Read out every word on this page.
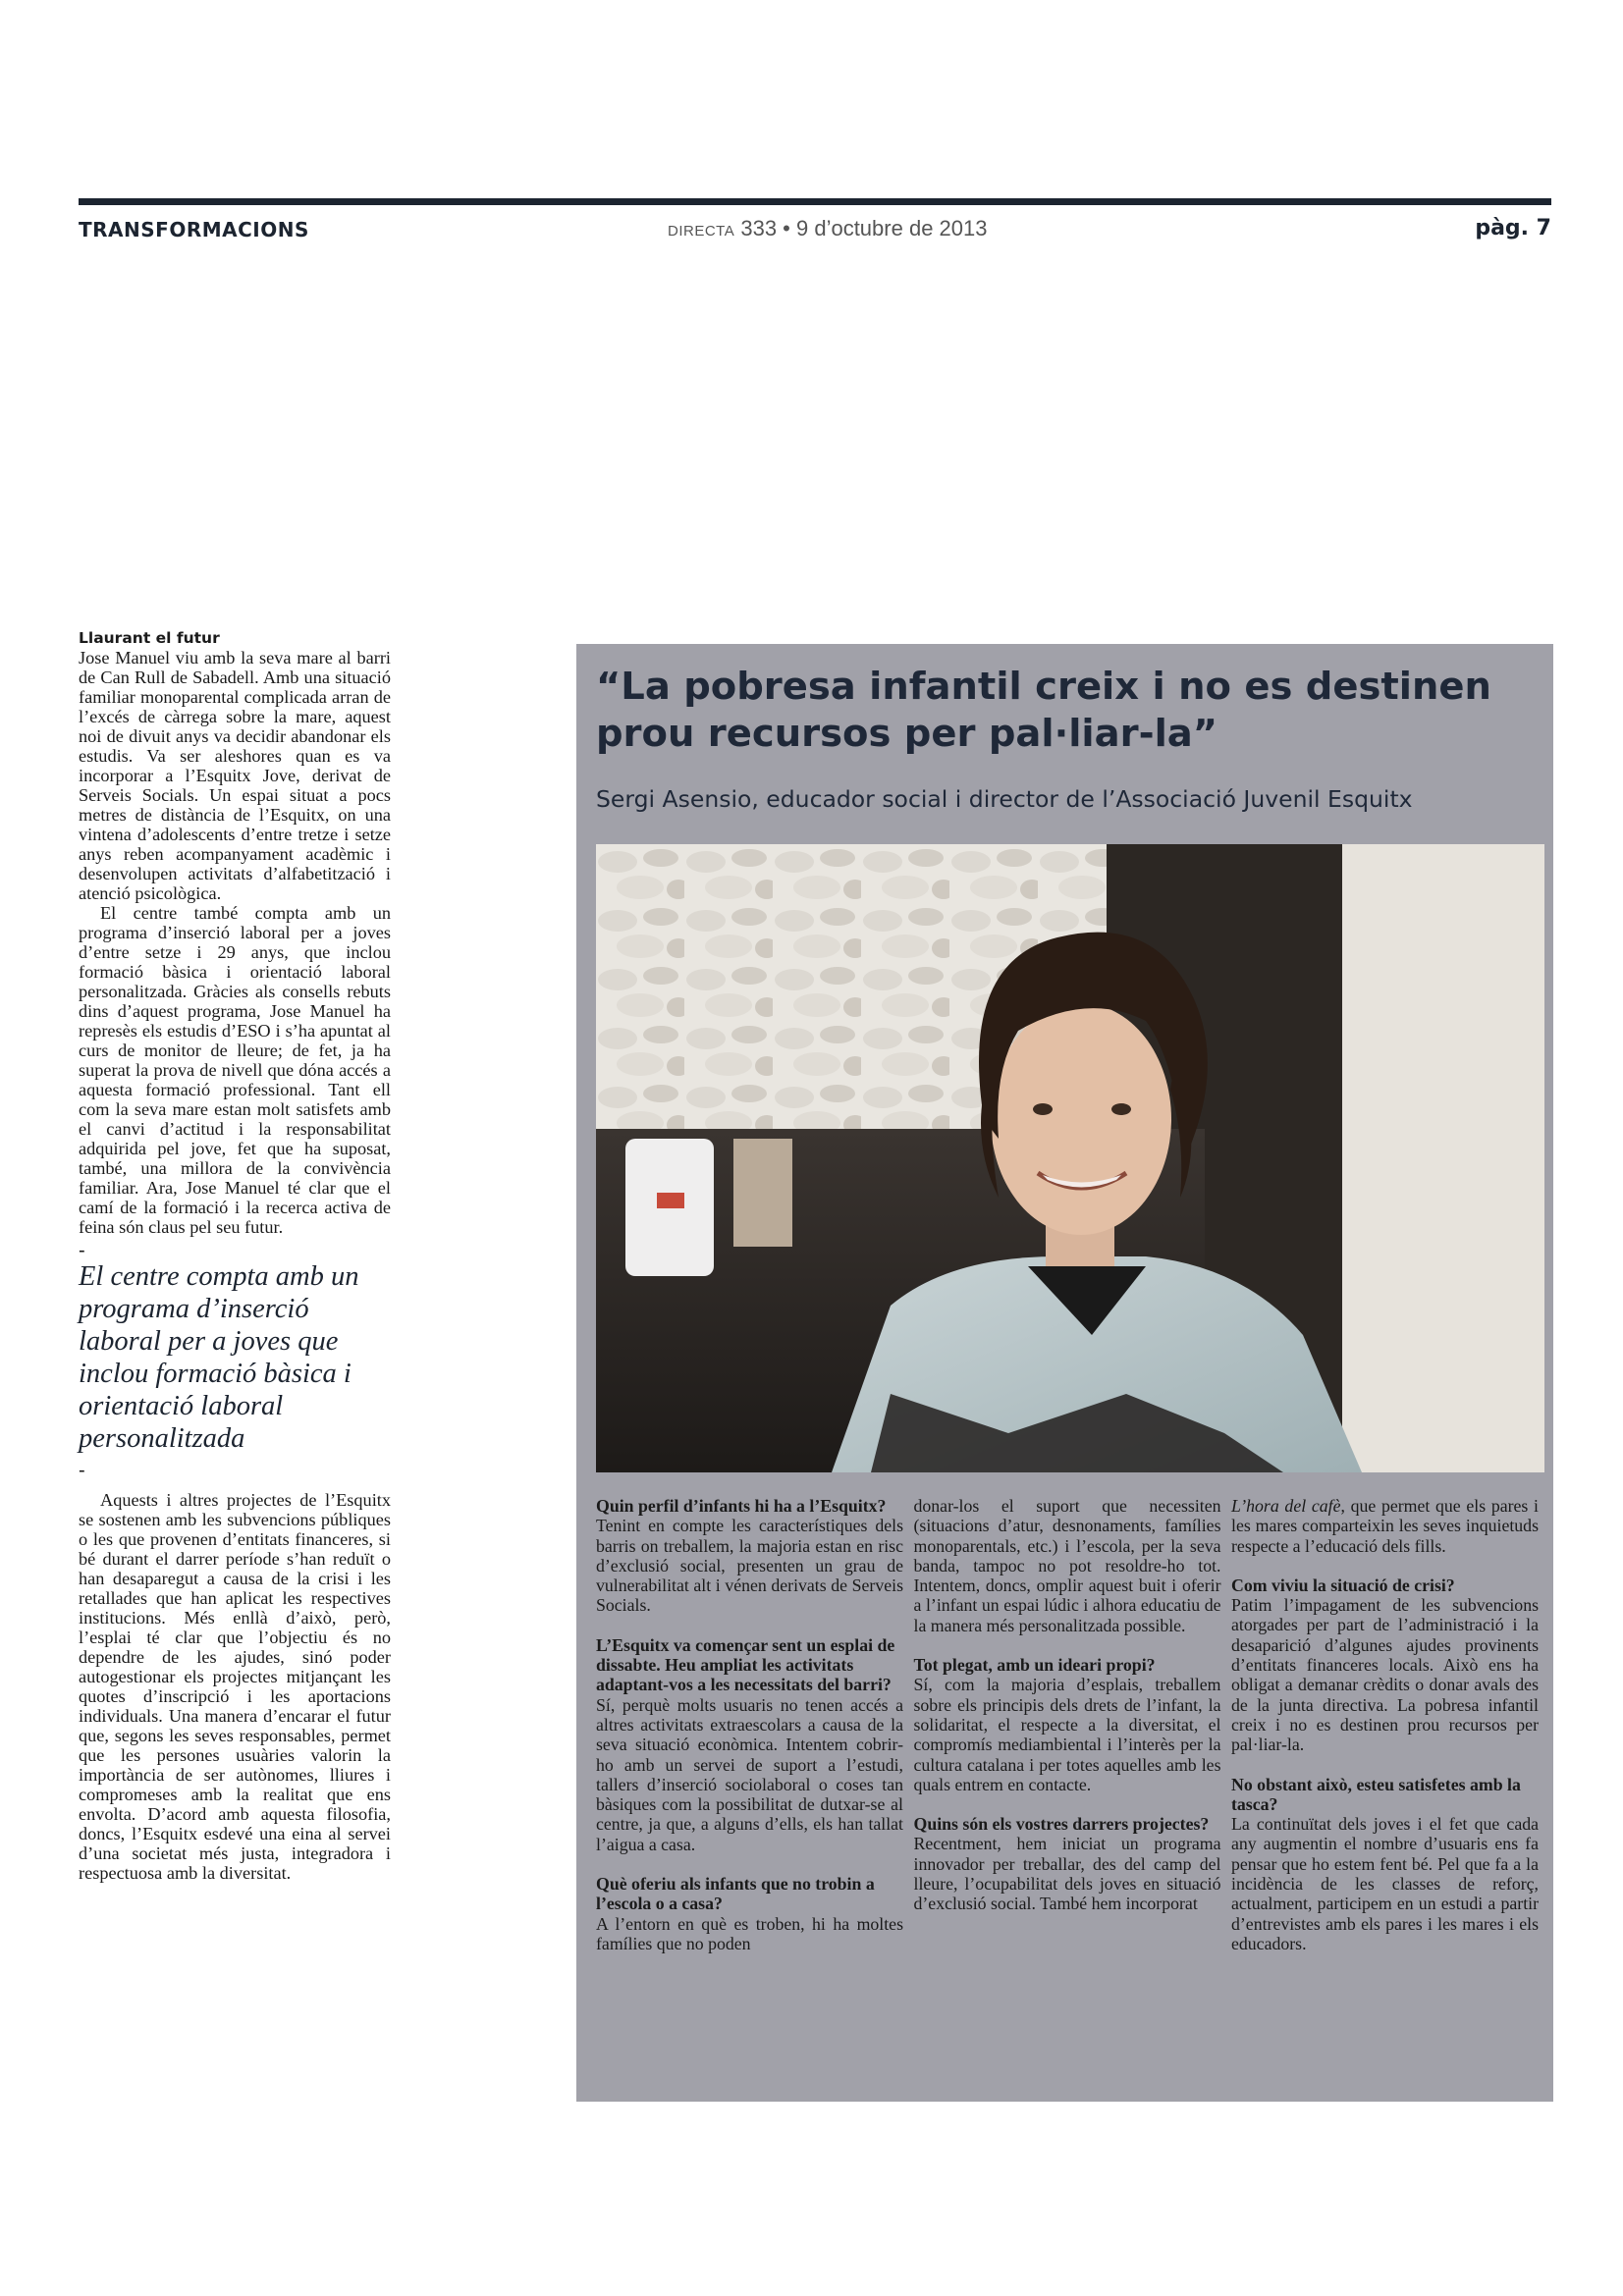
TRANSFORMACIONS	DIRECTA 333 • 9 d’octubre de 2013	pàg. 7

Llaurant el futur

Jose Manuel viu amb la seva mare al barri de Can Rull de Sabadell. Amb una situació familiar monoparental complicada arran de l’excés de càrrega sobre la mare, aquest noi de divuit anys va decidir abandonar els estudis. Va ser aleshores quan es va incorporar a l’Esquitx Jove, derivat de Serveis Socials. Un espai situat a pocs metres de distància de l’Esquitx, on una vintena d’adolescents d’entre tretze i setze anys reben acompanyament acadèmic i desenvolupen activitats d’alfabetització i atenció psicològica.

El centre també compta amb un programa d’inserció laboral per a joves d’entre setze i 29 anys, que inclou formació bàsica i orientació laboral personalitzada. Gràcies als consells rebuts dins d’aquest programa, Jose Manuel ha represès els estudis d’ESO i s’ha apuntat al curs de monitor de lleure; de fet, ja ha superat la prova de nivell que dóna accés a aquesta formació professional. Tant ell com la seva mare estan molt satisfets amb el canvi d’actitud i la responsabilitat adquirida pel jove, fet que ha suposat, també, una millora de la convivència familiar. Ara, Jose Manuel té clar que el camí de la formació i la recerca activa de feina són claus pel seu futur.

-

El centre compta amb un programa d’inserció laboral per a joves que inclou formació bàsica i orientació laboral personalitzada

-

Aquests i altres projectes de l’Esquitx se sostenen amb les subvencions públiques o les que provenen d’entitats financeres, si bé durant el darrer període s’han reduït o han desaparegut a causa de la crisi i les retallades que han aplicat les respectives institucions. Més enllà d’això, però, l’esplai té clar que l’objectiu és no dependre de les ajudes, sinó poder autogestionar els projectes mitjançant les quotes d’inscripció i les aportacions individuals. Una manera d’encarar el futur que, segons les seves responsables, permet que les persones usuàries valorin la importància de ser autònomes, lliures i compromeses amb la realitat que ens envolta. D’acord amb aquesta filosofia, doncs, l’Esquitx esdevé una eina al servei d’una societat més justa, integradora i respectuosa amb la diversitat.

“La pobresa infantil creix i no es destinen prou recursos per pal·liar-la”

Sergi Asensio, educador social i director de l’Associació Juvenil Esquitx

Quin perfil d’infants hi ha a l’Esquitx?

Tenint en compte les característiques dels barris on treballem, la majoria estan en risc d’exclusió social, presenten un grau de vulnerabilitat alt i vénen derivats de Serveis Socials.

L’Esquitx va començar sent un esplai de dissabte. Heu ampliat les activitats adaptant-vos a les necessitats del barri?

Sí, perquè molts usuaris no tenen accés a altres activitats extraescolars a causa de la seva situació econòmica. Intentem cobrir-ho amb un servei de suport a l’estudi, tallers d’inserció sociolaboral o coses tan bàsiques com la possibilitat de dutxar-se al centre, ja que, a alguns d’ells, els han tallat l’aigua a casa.

Què oferiu als infants que no trobin a l’escola o a casa?

A l’entorn en què es troben, hi ha moltes famílies que no poden

donar-los el suport que necessiten (situacions d’atur, desnonaments, famílies monoparentals, etc.) i l’escola, per la seva banda, tampoc no pot resoldre-ho tot. Intentem, doncs, omplir aquest buit i oferir a l’infant un espai lúdic i alhora educatiu de la manera més personalitzada possible.

Tot plegat, amb un ideari propi?

Sí, com la majoria d’esplais, treballem sobre els principis dels drets de l’infant, la solidaritat, el respecte a la diversitat, el compromís mediambiental i l’interès per la cultura catalana i per totes aquelles amb les quals entrem en contacte.

Quins són els vostres darrers projectes?

Recentment, hem iniciat un programa innovador per treballar, des del camp del lleure, l’ocupabilitat dels joves en situació d’exclusió social. També hem incorporat

L’hora del cafè, que permet que els pares i les mares comparteixin les seves inquietuds respecte a l’educació dels fills.

Com viviu la situació de crisi?

Patim l’impagament de les subvencions atorgades per part de l’administració i la desaparició d’algunes ajudes provinents d’entitats financeres locals. Això ens ha obligat a demanar crèdits o donar avals des de la junta directiva. La pobresa infantil creix i no es destinen prou recursos per pal·liar-la.

No obstant això, esteu satisfetes amb la tasca?

La continuïtat dels joves i el fet que cada any augmentin el nombre d’usuaris ens fa pensar que ho estem fent bé. Pel que fa a la incidència de les classes de reforç, actualment, participem en un estudi a partir d’entrevistes amb els pares i les mares i els educadors.
